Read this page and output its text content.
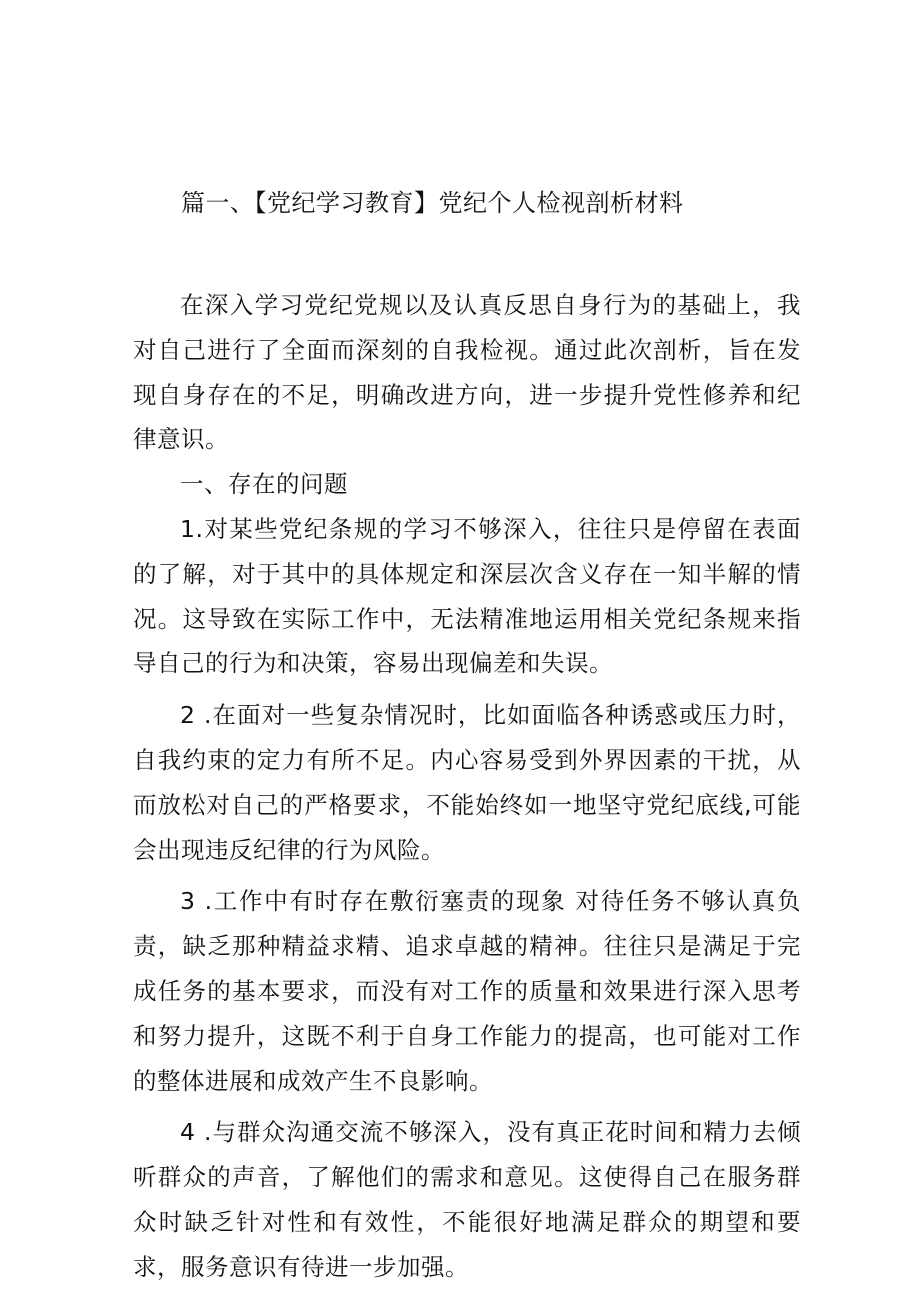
篇一、【党纪学习教育】党纪个人检视剖析材料

在深入学习党纪党规以及认真反思自身行为的基础上，我对自己进行了全面而深刻的自我检视。通过此次剖析，旨在发现自身存在的不足，明确改进方向，进一步提升党性修养和纪律意识。

一、存在的问题

1.对某些党纪条规的学习不够深入，往往只是停留在表面的了解，对于其中的具体规定和深层次含义存在一知半解的情况。这导致在实际工作中，无法精准地运用相关党纪条规来指导自己的行为和决策，容易出现偏差和失误。

2 .在面对一些复杂情况时，比如面临各种诱惑或压力时，自我约束的定力有所不足。内心容易受到外界因素的干扰，从而放松对自己的严格要求，不能始终如一地坚守党纪底线,可能会出现违反纪律的行为风险。

3 .工作中有时存在敷衍塞责的现象 对待任务不够认真负责，缺乏那种精益求精、追求卓越的精神。往往只是满足于完成任务的基本要求，而没有对工作的质量和效果进行深入思考和努力提升，这既不利于自身工作能力的提高，也可能对工作的整体进展和成效产生不良影响。

4 .与群众沟通交流不够深入，没有真正花时间和精力去倾听群众的声音，了解他们的需求和意见。这使得自己在服务群众时缺乏针对性和有效性，不能很好地满足群众的期望和要求，服务意识有待进一步加强。
